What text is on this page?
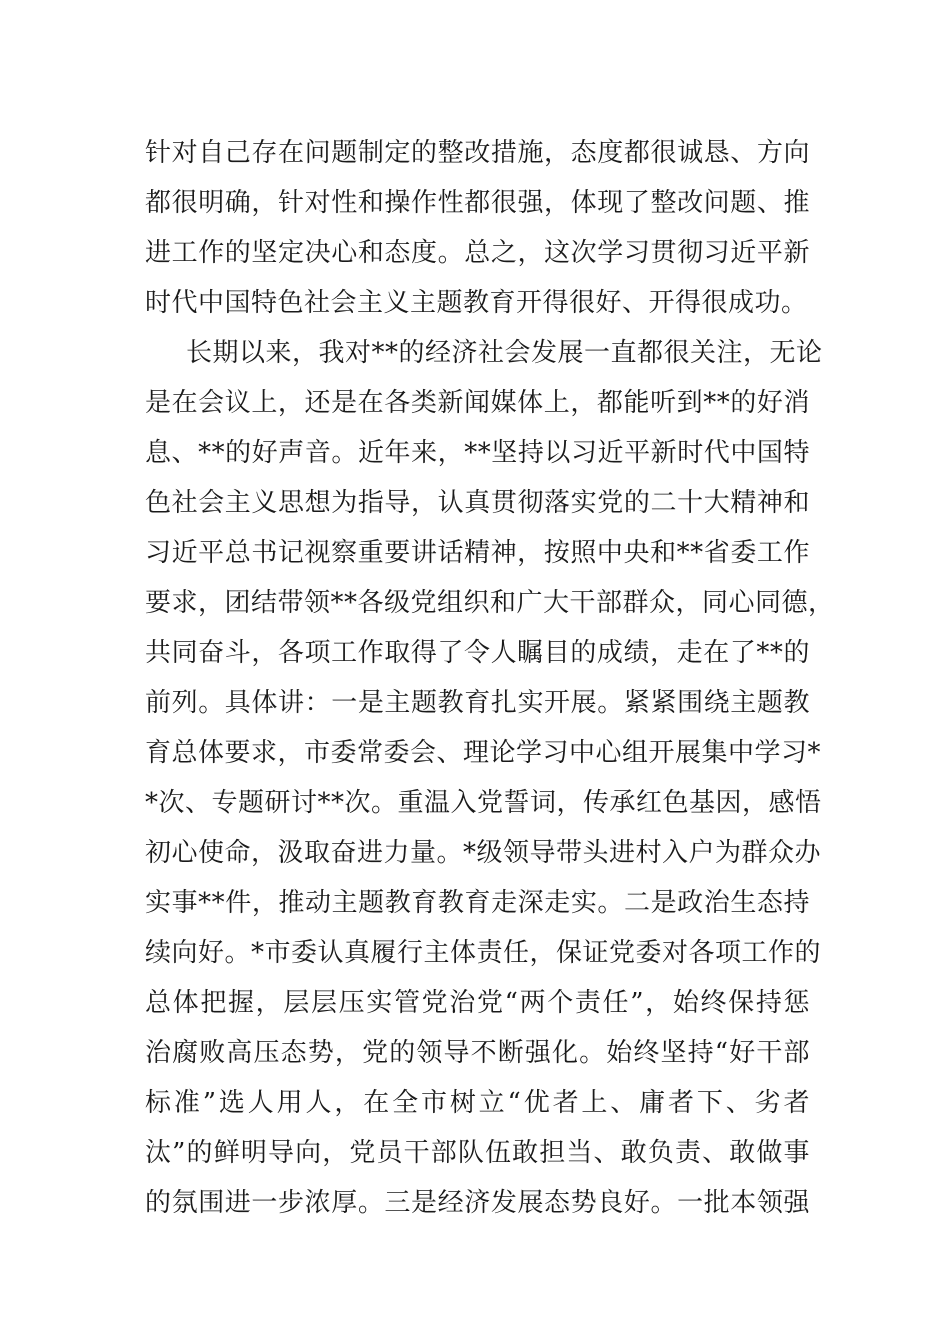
针对自己存在问题制定的整改措施，态度都很诚恳、方向
都很明确，针对性和操作性都很强，体现了整改问题、推
进工作的坚定决心和态度。总之，这次学习贯彻习近平新
时代中国特色社会主义主题教育开得很好、开得很成功。
长期以来，我对**的经济社会发展一直都很关注，无论
是在会议上，还是在各类新闻媒体上，都能听到**的好消
息、**的好声音。近年来，**坚持以习近平新时代中国特
色社会主义思想为指导，认真贯彻落实党的二十大精神和
习近平总书记视察重要讲话精神，按照中央和**省委工作
要求，团结带领**各级党组织和广大干部群众，同心同德，
共同奋斗，各项工作取得了令人瞩目的成绩，走在了**的
前列。具体讲：一是主题教育扎实开展。紧紧围绕主题教
育总体要求，市委常委会、理论学习中心组开展集中学习*
*次、专题研讨**次。重温入党誓词，传承红色基因，感悟
初心使命，汲取奋进力量。*级领导带头进村入户为群众办
实事**件，推动主题教育教育走深走实。二是政治生态持
续向好。*市委认真履行主体责任，保证党委对各项工作的
总体把握，层层压实管党治党“两个责任”，始终保持惩
治腐败高压态势，党的领导不断强化。始终坚持“好干部
标准”选人用人，在全市树立“优者上、庸者下、劣者
汰”的鲜明导向，党员干部队伍敢担当、敢负责、敢做事
的氛围进一步浓厚。三是经济发展态势良好。一批本领强
